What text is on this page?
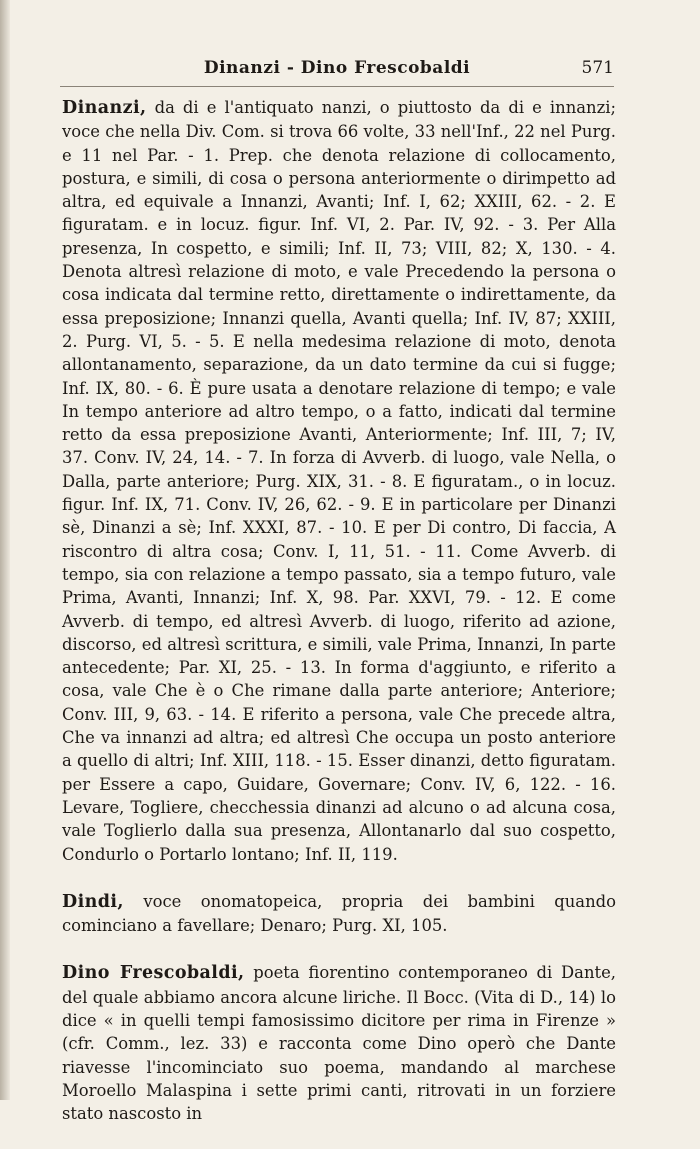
Dinanzi - Dino Frescobaldi	571

Dinanzi, da di e l'antiquato nanzi, o piuttosto da di e innanzi; voce che nella Div. Com. si trova 66 volte, 33 nell'Inf., 22 nel Purg. e 11 nel Par. - 1. Prep. che denota relazione di collocamento, postura, e simili, di cosa o persona anteriormente o dirimpetto ad altra, ed equivale a Innanzi, Avanti; Inf. I, 62; XXIII, 62. - 2. E figuratam. e in locuz. figur. Inf. VI, 2. Par. IV, 92. - 3. Per Alla presenza, In cospetto, e simili; Inf. II, 73; VIII, 82; X, 130. - 4. Denota altresì relazione di moto, e vale Precedendo la persona o cosa indicata dal termine retto, direttamente o indirettamente, da essa preposizione; Innanzi quella, Avanti quella; Inf. IV, 87; XXIII, 2. Purg. VI, 5. - 5. E nella medesima relazione di moto, denota allontanamento, separazione, da un dato termine da cui si fugge; Inf. IX, 80. - 6. È pure usata a denotare relazione di tempo; e vale In tempo anteriore ad altro tempo, o a fatto, indicati dal termine retto da essa preposizione Avanti, Anteriormente; Inf. III, 7; IV, 37. Conv. IV, 24, 14. - 7. In forza di Avverb. di luogo, vale Nella, o Dalla, parte anteriore; Purg. XIX, 31. - 8. E figuratam., o in locuz. figur. Inf. IX, 71. Conv. IV, 26, 62. - 9. E in particolare per Dinanzi sè, Dinanzi a sè; Inf. XXXI, 87. - 10. E per Di contro, Di faccia, A riscontro di altra cosa; Conv. I, 11, 51. - 11. Come Avverb. di tempo, sia con relazione a tempo passato, sia a tempo futuro, vale Prima, Avanti, Innanzi; Inf. X, 98. Par. XXVI, 79. - 12. E come Avverb. di tempo, ed altresì Avverb. di luogo, riferito ad azione, discorso, ed altresì scrittura, e simili, vale Prima, Innanzi, In parte antecedente; Par. XI, 25. - 13. In forma d'aggiunto, e riferito a cosa, vale Che è o Che rimane dalla parte anteriore; Anteriore; Conv. III, 9, 63. - 14. E riferito a persona, vale Che precede altra, Che va innanzi ad altra; ed altresì Che occupa un posto anteriore a quello di altri; Inf. XIII, 118. - 15. Esser dinanzi, detto figuratam. per Essere a capo, Guidare, Governare; Conv. IV, 6, 122. - 16. Levare, Togliere, checchessia dinanzi ad alcuno o ad alcuna cosa, vale Toglierlo dalla sua presenza, Allontanarlo dal suo cospetto, Condurlo o Portarlo lontano; Inf. II, 119.

Dindi, voce onomatopeica, propria dei bambini quando cominciano a favellare; Denaro; Purg. XI, 105.

Dino Frescobaldi, poeta fiorentino contemporaneo di Dante, del quale abbiamo ancora alcune liriche. Il Bocc. (Vita di D., 14) lo dice « in quelli tempi famosissimo dicitore per rima in Firenze » (cfr. Comm., lez. 33) e racconta come Dino operò che Dante riavesse l'incominciato suo poema, mandando al marchese Moroello Malaspina i sette primi canti, ritrovati in un forziere stato nascosto in
